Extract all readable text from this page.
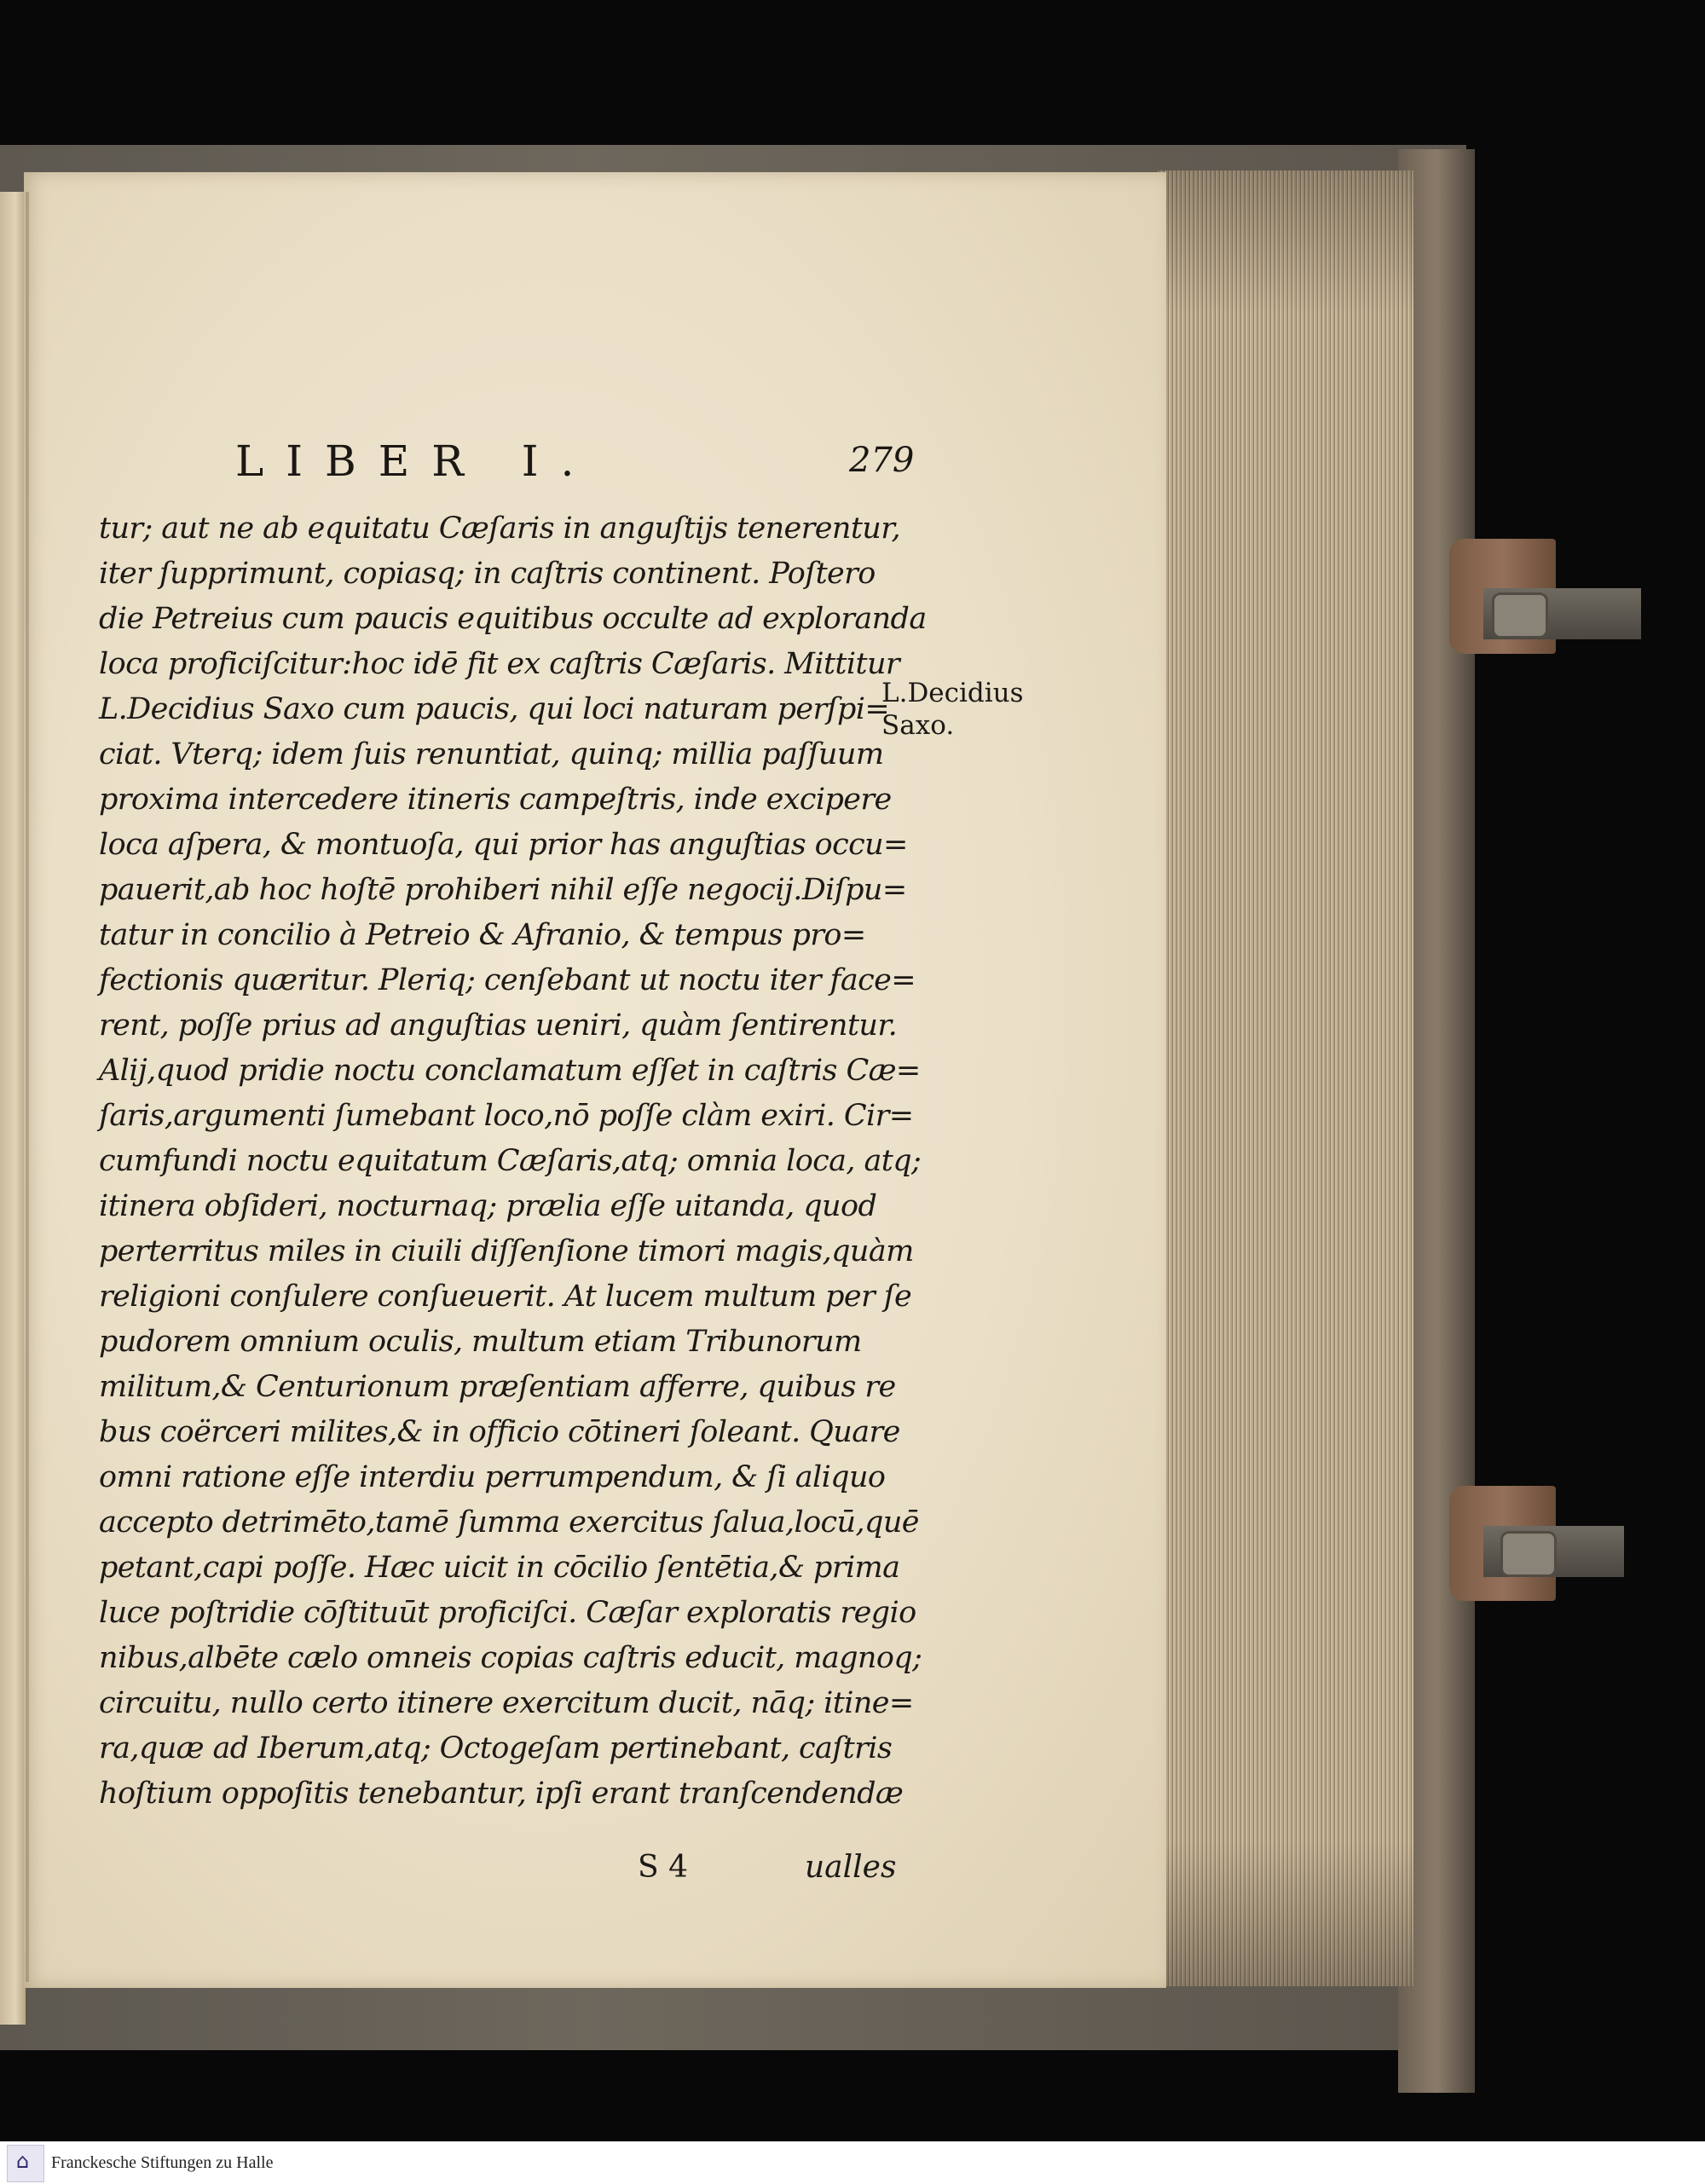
LIBER I.	279
tur; aut ne ab equitatu Cæſaris in anguſtijs tenerentur,
iter ſupprimunt, copiasq; in caſtris continent. Poſtero
die Petreius cum paucis equitibus occulte ad exploranda
loca proficiſcitur:hoc idē fit ex caſtris Cæſaris. Mittitur
L.Decidius Saxo cum paucis, qui loci naturam perſpi=
ciat. Vterq; idem ſuis renuntiat, quinq; millia paſſuum
proxima intercedere itineris campeſtris, inde excipere
loca aſpera, & montuoſa, qui prior has anguſtias occu=
pauerit,ab hoc hoſtē prohiberi nihil eſſe negocij.Diſpu=
tatur in concilio à Petreio & Afranio, & tempus pro=
fectionis quæritur. Pleriq; cenſebant ut noctu iter face=
rent, poſſe prius ad anguſtias ueniri, quàm ſentirentur.
Alij,quod pridie noctu conclamatum eſſet in caſtris Cæ=
ſaris,argumenti ſumebant loco,nō poſſe clàm exiri. Cir=
cumfundi noctu equitatum Cæſaris,atq; omnia loca, atq;
itinera obſideri, nocturnaq; prælia eſſe uitanda, quod
perterritus miles in ciuili diſſenſione timori magis,quàm
religioni conſulere conſueuerit. At lucem multum per ſe
pudorem omnium oculis, multum etiam Tribunorum
militum,& Centurionum præſentiam afferre, quibus re
bus coërceri milites,& in officio cōtineri ſoleant. Quare
omni ratione eſſe interdiu perrumpendum, & ſi aliquo
accepto detrimēto,tamē ſumma exercitus ſalua,locū,quē
petant,capi poſſe. Hæc uicit in cōcilio ſentētia,& prima
luce poſtridie cōſtituūt proficiſci. Cæſar exploratis regio
nibus,albēte cælo omneis copias caſtris educit, magnoq;
circuitu, nullo certo itinere exercitum ducit, nāq; itine=
ra,quæ ad Iberum,atq; Octogeſam pertinebant, caſtris
hoſtium oppoſitis tenebantur, ipſi erant tranſcendendæ
L.Decidius
Saxo.
S 4	ualles
⌂
Franckesche Stiftungen zu Halle
